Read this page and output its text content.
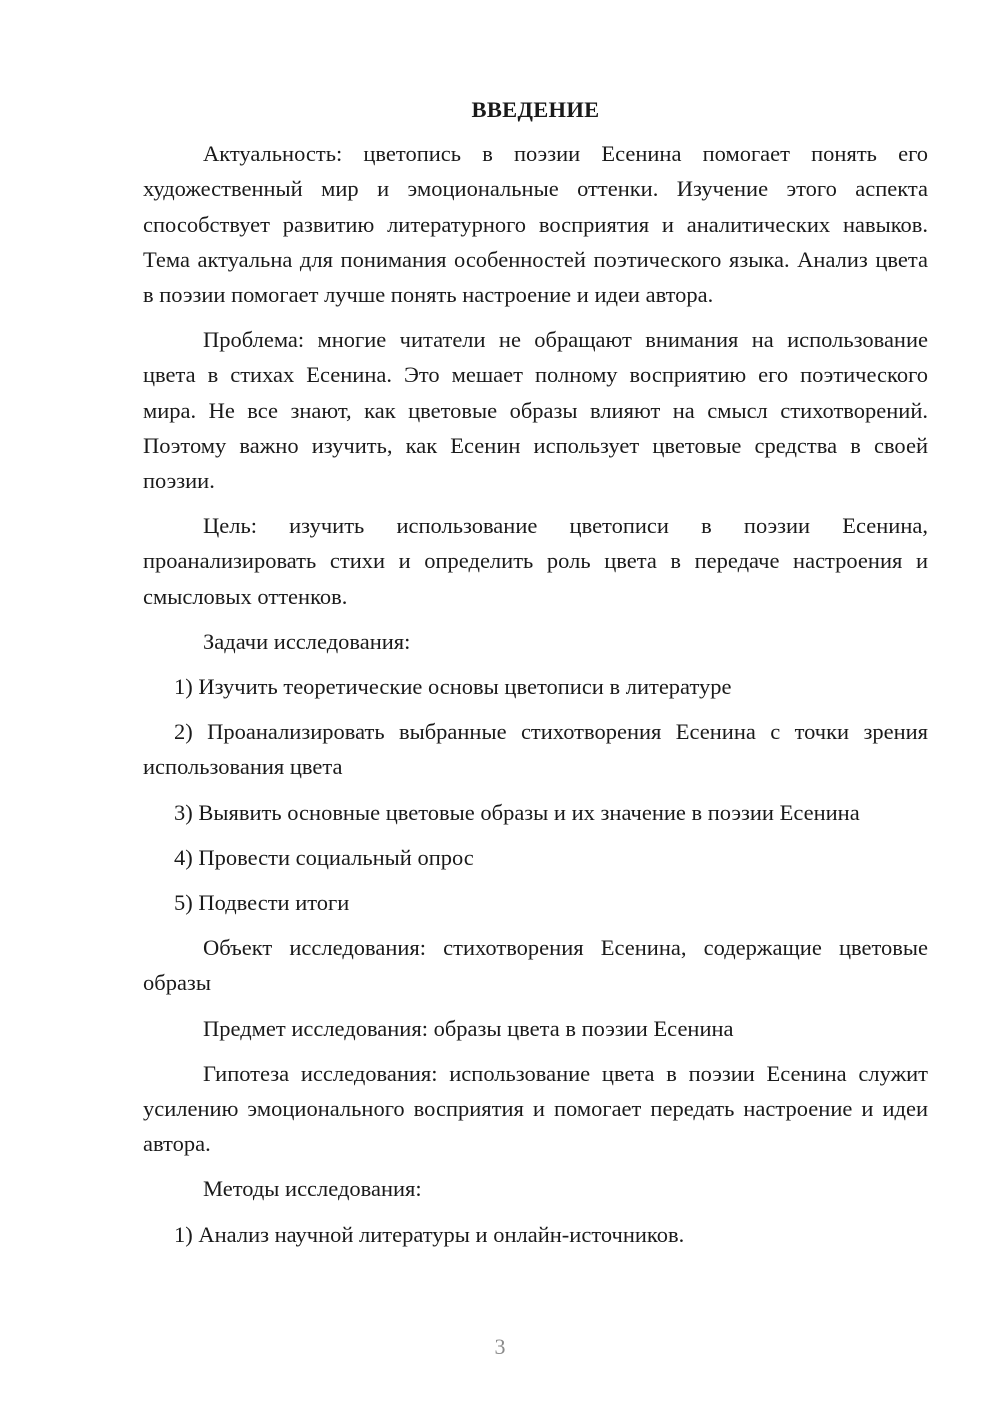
ВВЕДЕНИЕ

Актуальность: цветопись в поэзии Есенина помогает понять его художественный мир и эмоциональные оттенки. Изучение этого аспекта способствует развитию литературного восприятия и аналитических навыков. Тема актуальна для понимания особенностей поэтического языка. Анализ цвета в поэзии помогает лучше понять настроение и идеи автора.

Проблема: многие читатели не обращают внимания на использование цвета в стихах Есенина. Это мешает полному восприятию его поэтического мира. Не все знают, как цветовые образы влияют на смысл стихотворений. Поэтому важно изучить, как Есенин использует цветовые средства в своей поэзии.

Цель: изучить использование цветописи в поэзии Есенина, проанализировать стихи и определить роль цвета в передаче настроения и смысловых оттенков.

Задачи исследования:

1) Изучить теоретические основы цветописи в литературе

2) Проанализировать выбранные стихотворения Есенина с точки зрения использования цвета

3) Выявить основные цветовые образы и их значение в поэзии Есенина

4) Провести социальный опрос

5) Подвести итоги

Объект исследования: стихотворения Есенина, содержащие цветовые образы

Предмет исследования: образы цвета в поэзии Есенина

Гипотеза исследования: использование цвета в поэзии Есенина служит усилению эмоционального восприятия и помогает передать настроение и идеи автора.

Методы исследования:

1) Анализ научной литературы и онлайн-источников.

3
